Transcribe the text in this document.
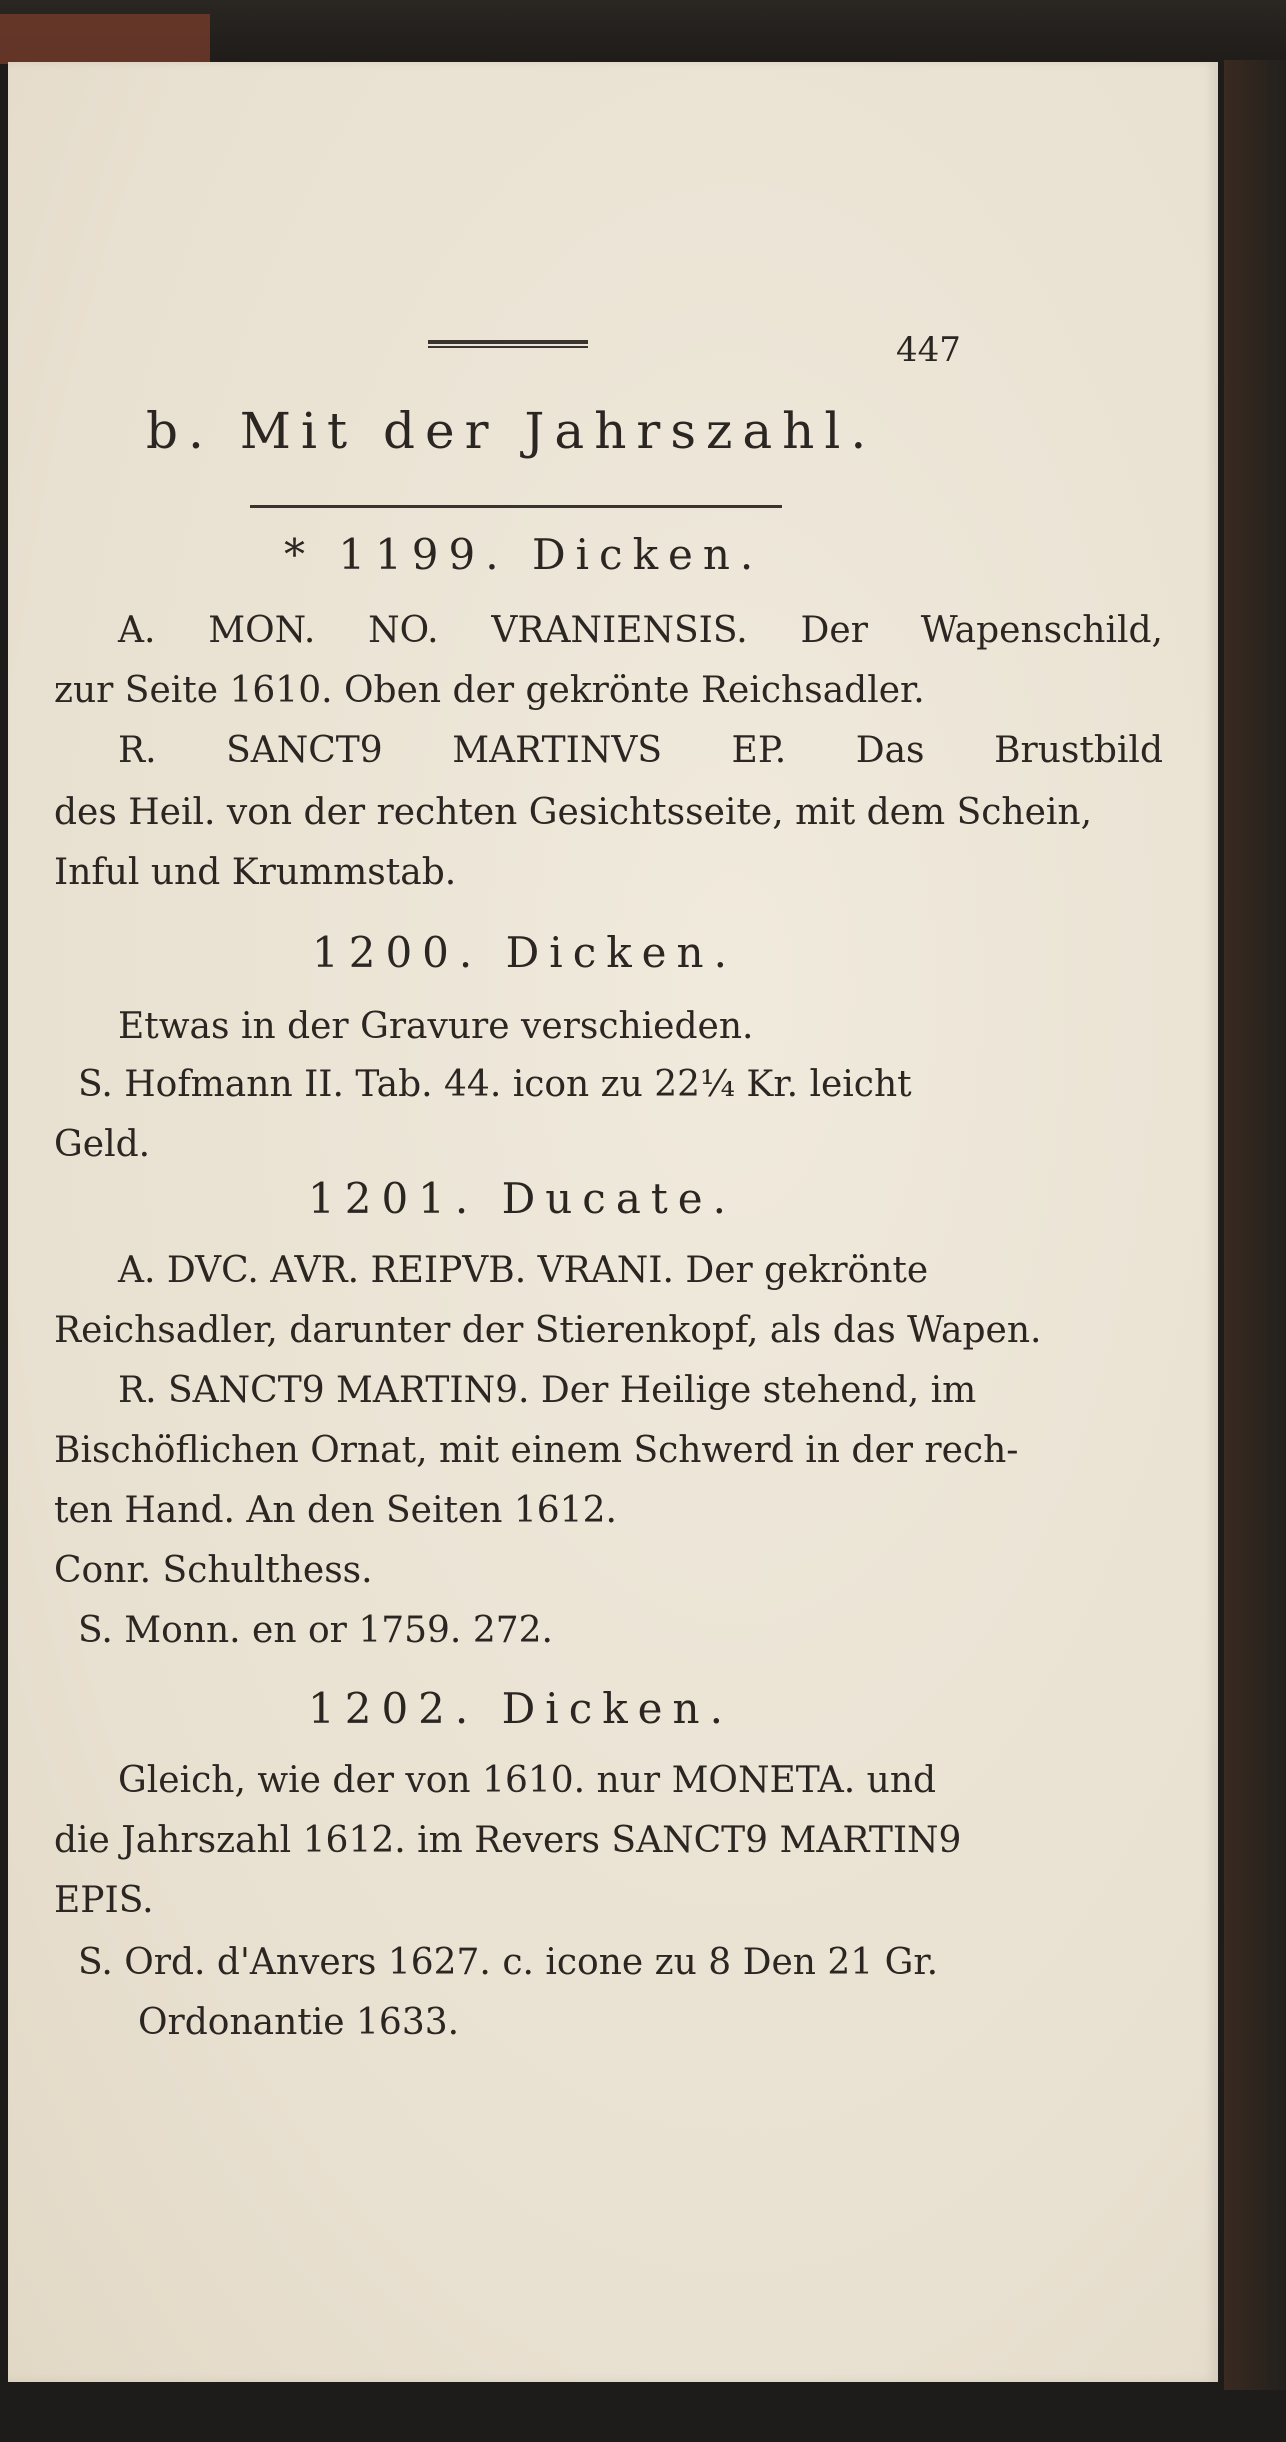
447
b. Mit der Jahrszahl.
* 1199. Dicken.
A. MON. NO. VRANIENSIS. Der Wapenschild,
zur Seite 1610. Oben der gekrönte Reichsadler.
R. SANCT9 MARTINVS EP. Das Brustbild
des Heil. von der rechten Gesichtsseite, mit dem Schein,
Inful und Krummstab.
1200. Dicken.
Etwas in der Gravure verschieden.
S. Hofmann II. Tab. 44. icon zu 22¼ Kr. leicht
Geld.
1201. Ducate.
A. DVC. AVR. REIPVB. VRANI. Der gekrönte
Reichsadler, darunter der Stierenkopf, als das Wapen.
R. SANCT9 MARTIN9. Der Heilige stehend, im
Bischöflichen Ornat, mit einem Schwerd in der rech-
ten Hand. An den Seiten 1612.
Conr. Schulthess.
S. Monn. en or 1759. 272.
1202. Dicken.
Gleich, wie der von 1610. nur MONETA. und
die Jahrszahl 1612. im Revers SANCT9 MARTIN9
EPIS.
S. Ord. d'Anvers 1627. c. icone zu 8 Den 21 Gr.
Ordonantie 1633.
